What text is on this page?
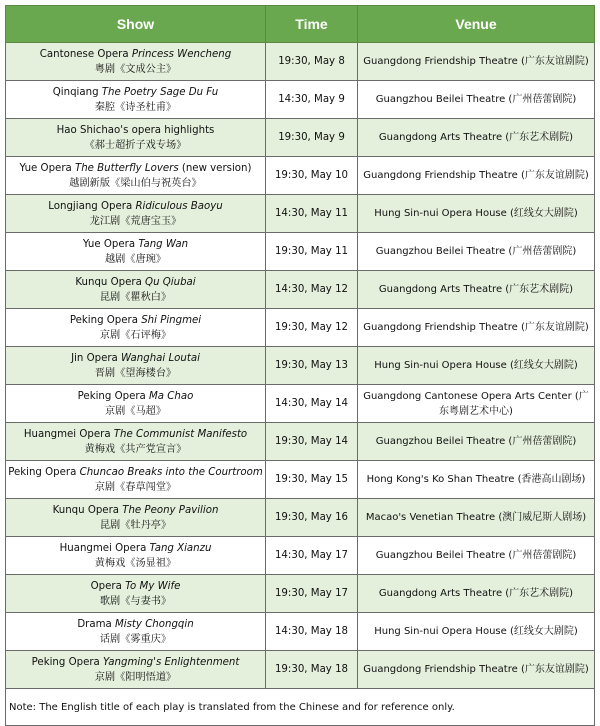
Show	Time	Venue

Cantonese Opera Princess Wencheng
粤剧《文成公主》	19:30, May 8	Guangdong Friendship Theatre (广东友谊剧院)

Qinqiang The Poetry Sage Du Fu
秦腔《诗圣杜甫》	14:30, May 9	Guangzhou Beilei Theatre (广州蓓蕾剧院)

Hao Shichao's opera highlights
《郝士超折子戏专场》	19:30, May 9	Guangdong Arts Theatre (广东艺术剧院)

Yue Opera The Butterfly Lovers (new version)
越剧新版《梁山伯与祝英台》	19:30, May 10	Guangdong Friendship Theatre (广东友谊剧院)

Longjiang Opera Ridiculous Baoyu
龙江剧《荒唐宝玉》	14:30, May 11	Hung Sin-nui Opera House (红线女大剧院)

Yue Opera Tang Wan
越剧《唐琬》	19:30, May 11	Guangzhou Beilei Theatre (广州蓓蕾剧院)

Kunqu Opera Qu Qiubai
昆剧《瞿秋白》	14:30, May 12	Guangdong Arts Theatre (广东艺术剧院)

Peking Opera Shi Pingmei
京剧《石评梅》	19:30, May 12	Guangdong Friendship Theatre (广东友谊剧院)

Jin Opera Wanghai Loutai
晋剧《望海楼台》	19:30, May 13	Hung Sin-nui Opera House (红线女大剧院)

Peking Opera Ma Chao
京剧《马超》	14:30, May 14	Guangdong Cantonese Opera Arts Center (广东粤剧艺术中心)

Huangmei Opera The Communist Manifesto
黄梅戏《共产党宣言》	19:30, May 14	Guangzhou Beilei Theatre (广州蓓蕾剧院)

Peking Opera Chuncao Breaks into the Courtroom
京剧《春草闯堂》	19:30, May 15	Hong Kong's Ko Shan Theatre (香港高山剧场)

Kunqu Opera The Peony Pavilion
昆剧《牡丹亭》	19:30, May 16	Macao's Venetian Theatre (澳门威尼斯人剧场)

Huangmei Opera Tang Xianzu
黄梅戏《汤显祖》	14:30, May 17	Guangzhou Beilei Theatre (广州蓓蕾剧院)

Opera To My Wife
歌剧《与妻书》	19:30, May 17	Guangdong Arts Theatre (广东艺术剧院)

Drama Misty Chongqin
话剧《雾重庆》	14:30, May 18	Hung Sin-nui Opera House (红线女大剧院)

Peking Opera Yangming's Enlightenment
京剧《阳明悟道》	19:30, May 18	Guangdong Friendship Theatre (广东友谊剧院)
Note: The English title of each play is translated from the Chinese and for reference only.		
